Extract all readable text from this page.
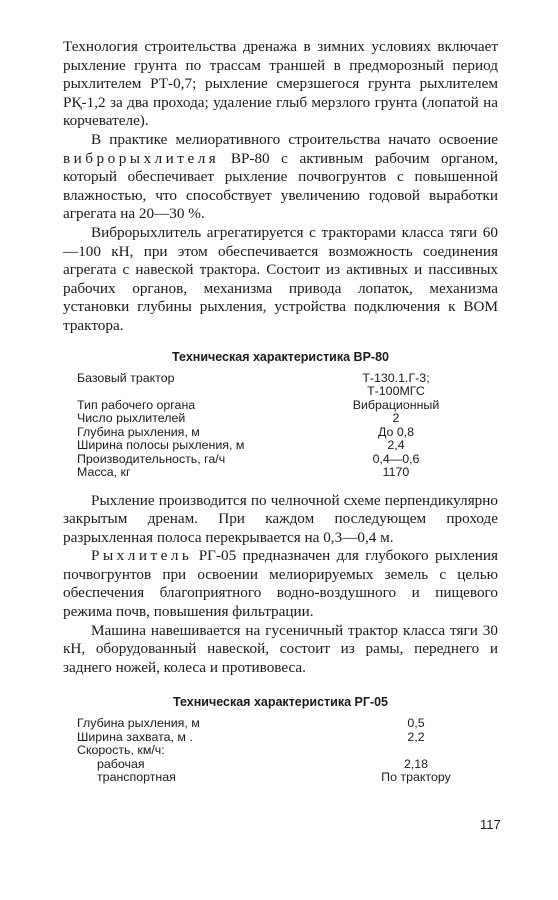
Технология строительства дренажа в зимних условиях включает рыхление грунта по трассам траншей в предморозный период рыхлителем РТ-0,7; рыхление смерзшегося грунта рыхлителем РҚ-1,2 за два прохода; удаление глыб мерзлого грунта (лопатой на корчевателе).

В практике мелиоративного строительства начато освоение виброрыхлителя ВР-80 с активным рабочим органом, который обеспечивает рыхление почвогрунтов с повышенной влажностью, что способствует увеличению годовой выработки агрегата на 20—30 %.

Виброрыхлитель агрегатируется с тракторами класса тяги 60—100 кН, при этом обеспечивается возможность соединения агрегата с навеской трактора. Состоит из активных и пассивных рабочих органов, механизма привода лопаток, механизма установки глубины рыхления, устройства подключения к ВОМ трактора.

Техническая характеристика ВР-80
Базовый трактор	Т-130.1.Г-3;
Т-100МГС
Тип рабочего органа	Вибрационный
Число рыхлителей	2
Глубина рыхления, м	До 0,8
Ширина полосы рыхления, м	2,4
Производительность, га/ч	0,4—0,6
Масса, кг	1170

Рыхление производится по челночной схеме перпендикулярно закрытым дренам. При каждом последующем проходе разрыхленная полоса перекрывается на 0,3—0,4 м.

Рыхлитель РГ-05 предназначен для глубокого рыхления почвогрунтов при освоении мелиорируемых земель с целью обеспечения благоприятного водно-воздушного и пищевого режима почв, повышения фильтрации.

Машина навешивается на гусеничный трактор класса тяги 30 кН, оборудованный навеской, состоит из рамы, переднего и заднего ножей, колеса и противовеса.

Техническая характеристика РГ-05
Глубина рыхления, м	0,5
Ширина захвата, м .	2,2
Скорость, км/ч:	
рабочая	2,18
транспортная	По трактору
117
